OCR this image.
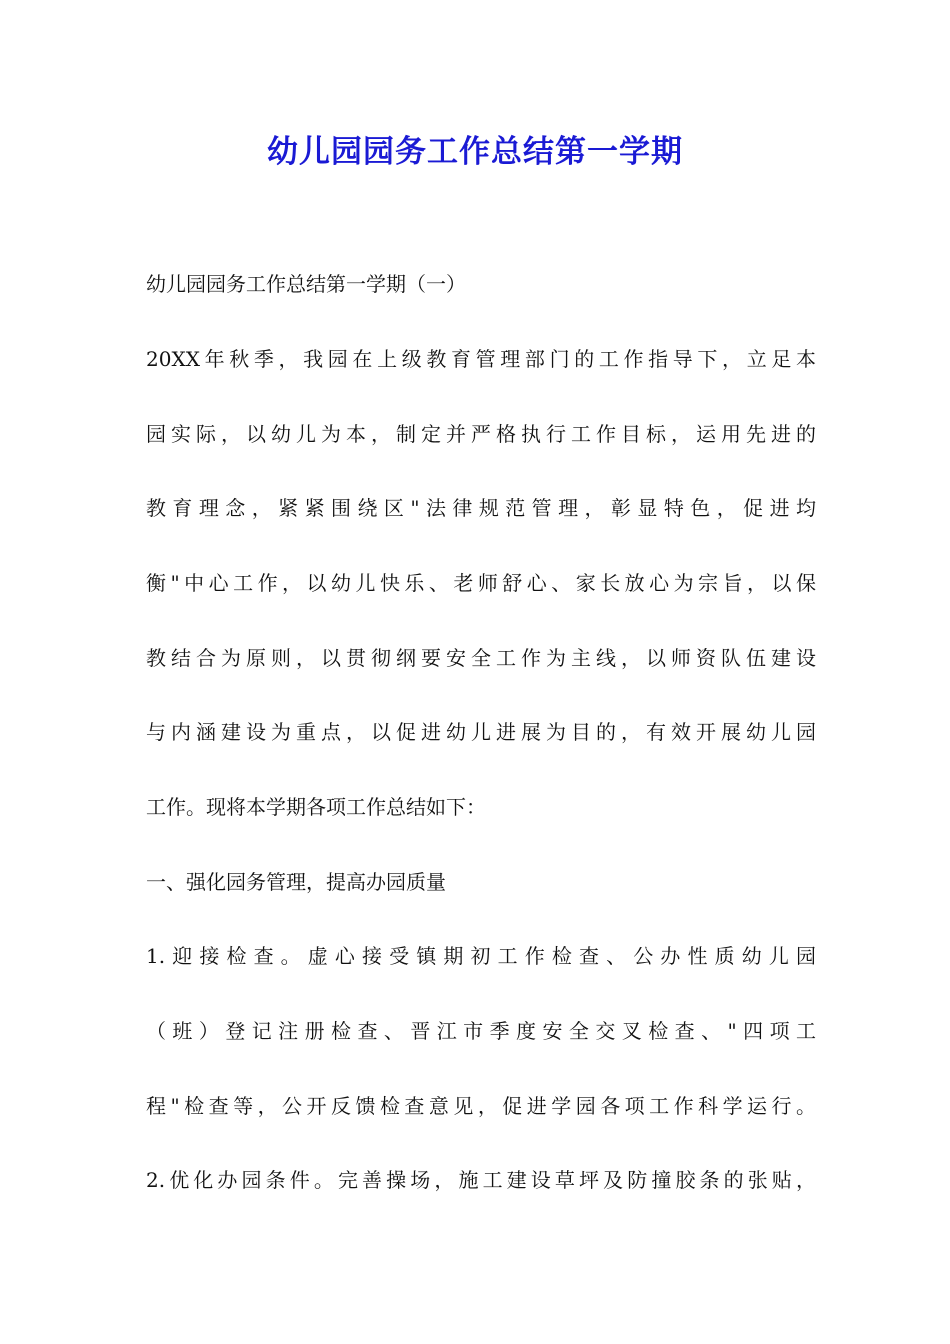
幼儿园园务工作总结第一学期

幼儿园园务工作总结第一学期（一）

20XX年秋季，我园在上级教育管理部门的工作指导下，立足本

园实际，以幼儿为本，制定并严格执行工作目标，运用先进的

教育理念，紧紧围绕区"法律规范管理，彰显特色，促进均

衡"中心工作，以幼儿快乐、老师舒心、家长放心为宗旨，以保

教结合为原则，以贯彻纲要安全工作为主线，以师资队伍建设

与内涵建设为重点，以促进幼儿进展为目的，有效开展幼儿园

工作。现将本学期各项工作总结如下：

一、强化园务管理，提高办园质量

1.迎接检查。虚心接受镇期初工作检查、公办性质幼儿园

（班）登记注册检查、晋江市季度安全交叉检查、"四项工

程"检查等，公开反馈检查意见，促进学园各项工作科学运行。

2.优化办园条件。完善操场，施工建设草坪及防撞胶条的张贴，
